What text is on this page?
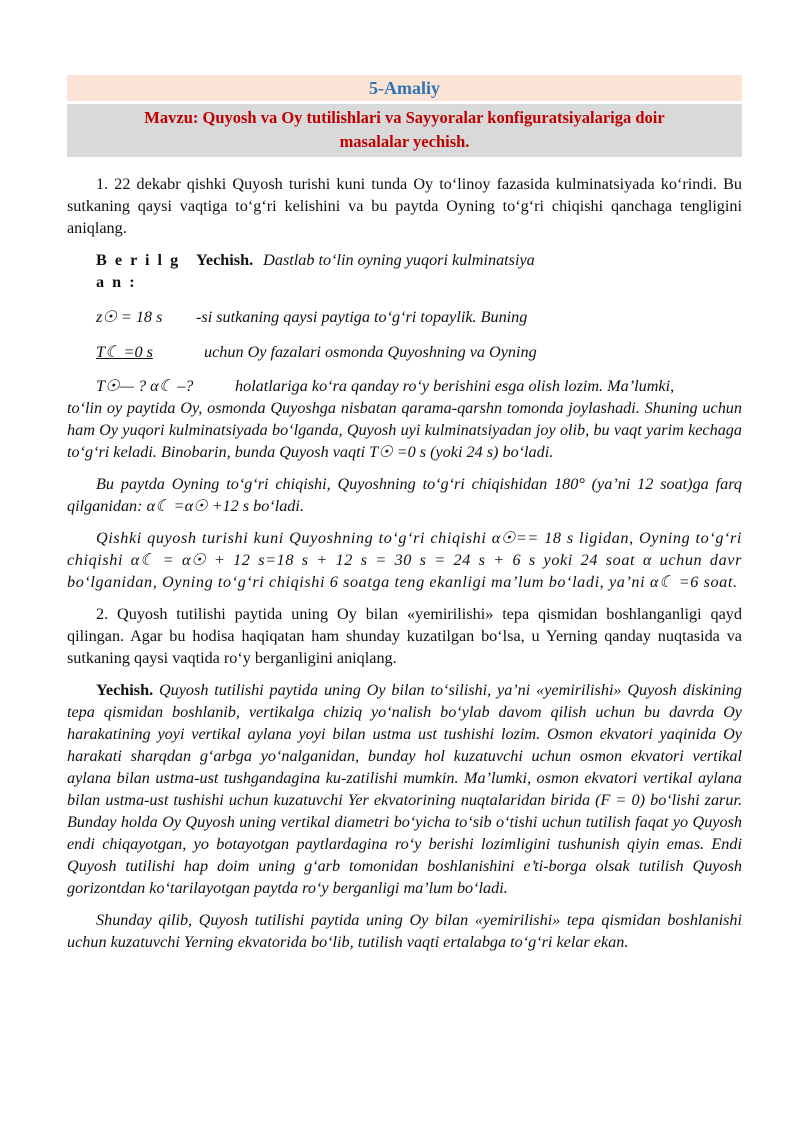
5-Amaliy
Mavzu: Quyosh va Oy tutilishlari va Sayyoralar konfiguratsiyalariga doir
masalalar yechish.

1. 22 dekabr qishki Quyosh turishi kuni tunda Oy to‘linoy fazasida kulminatsiyada ko‘rindi. Bu sutkaning qaysi vaqtiga to‘g‘ri kelishini va bu paytda Oyning to‘g‘ri chiqishi qanchaga tengligini aniqlang.

B e r i l g a n :
Yechish. Dastlab to‘lin oyning yuqori kulminatsiya
z☉ = 18 s	-si sutkaning qaysi paytiga to‘g‘ri topaylik. Buning
T☾ =0 s	uchun Oy fazalari osmonda Quyoshning va Oyning
T☉— ? α☾ –?	holatlariga ko‘ra qanday ro‘y berishini esga olish lozim. Ma’lumki,

to‘lin oy paytida Oy, osmonda Quyoshga nisbatan qarama-qarshn tomonda joylashadi. Shuning uchun ham Oy yuqori kulminatsiyada bo‘lganda, Quyosh uyi kulminatsiyadan joy olib, bu vaqt yarim kechaga to‘g‘ri keladi. Binobarin, bunda Quyosh vaqti T☉ =0 s (yoki 24 s) bo‘ladi.

Bu paytda Oyning to‘g‘ri chiqishi, Quyoshning to‘g‘ri chiqishidan 180° (ya’ni 12 soat)ga farq qilganidan: α☾ =α☉ +12 s bo‘ladi.

Qishki quyosh turishi kuni Quyoshning to‘g‘ri chiqishi α☉== 18 s ligidan, Oyning to‘g‘ri chiqishi α☾ = α☉ + 12 s=18 s + 12 s = 30 s = 24 s + 6 s yoki 24 soat α uchun davr bo‘lganidan, Oyning to‘g‘ri chiqishi 6 soatga teng ekanligi ma’lum bo‘ladi, ya’ni α☾ =6 soat.

2. Quyosh tutilishi paytida uning Oy bilan «yemirilishi» tepa qismidan boshlanganligi qayd qilingan. Agar bu hodisa haqiqatan ham shunday kuzatilgan bo‘lsa, u Yerning qanday nuqtasida va sutkaning qaysi vaqtida ro‘y berganligini aniqlang.

Yechish. Quyosh tutilishi paytida uning Oy bilan to‘silishi, ya’ni «yemirilishi» Quyosh diskining tepa qismidan boshlanib, vertikalga chiziq yo‘nalish bo‘ylab davom qilish uchun bu davrda Oy harakatining yoyi vertikal aylana yoyi bilan ustma ust tushishi lozim. Osmon ekvatori yaqinida Oy harakati sharqdan g‘arbga yo‘nalganidan, bunday hol kuzatuvchi uchun osmon ekvatori vertikal aylana bilan ustma-ust tushgandagina ku-zatilishi mumkin. Ma’lumki, osmon ekvatori vertikal aylana bilan ustma-ust tushishi uchun kuzatuvchi Yer ekvatorining nuqtalaridan birida (F = 0) bo‘lishi zarur. Bunday holda Oy Quyosh uning vertikal diametri bo‘yicha to‘sib o‘tishi uchun tutilish faqat yo Quyosh endi chiqayotgan, yo botayotgan paytlardagina ro‘y berishi lozimligini tushunish qiyin emas. Endi Quyosh tutilishi hap doim uning g‘arb tomonidan boshlanishini e’ti-borga olsak tutilish Quyosh gorizontdan ko‘tarilayotgan paytda ro‘y berganligi ma’lum bo‘ladi.

Shunday qilib, Quyosh tutilishi paytida uning Oy bilan «yemirilishi» tepa qismidan boshlanishi uchun kuzatuvchi Yerning ekvatorida bo‘lib, tutilish vaqti ertalabga to‘g‘ri kelar ekan.
